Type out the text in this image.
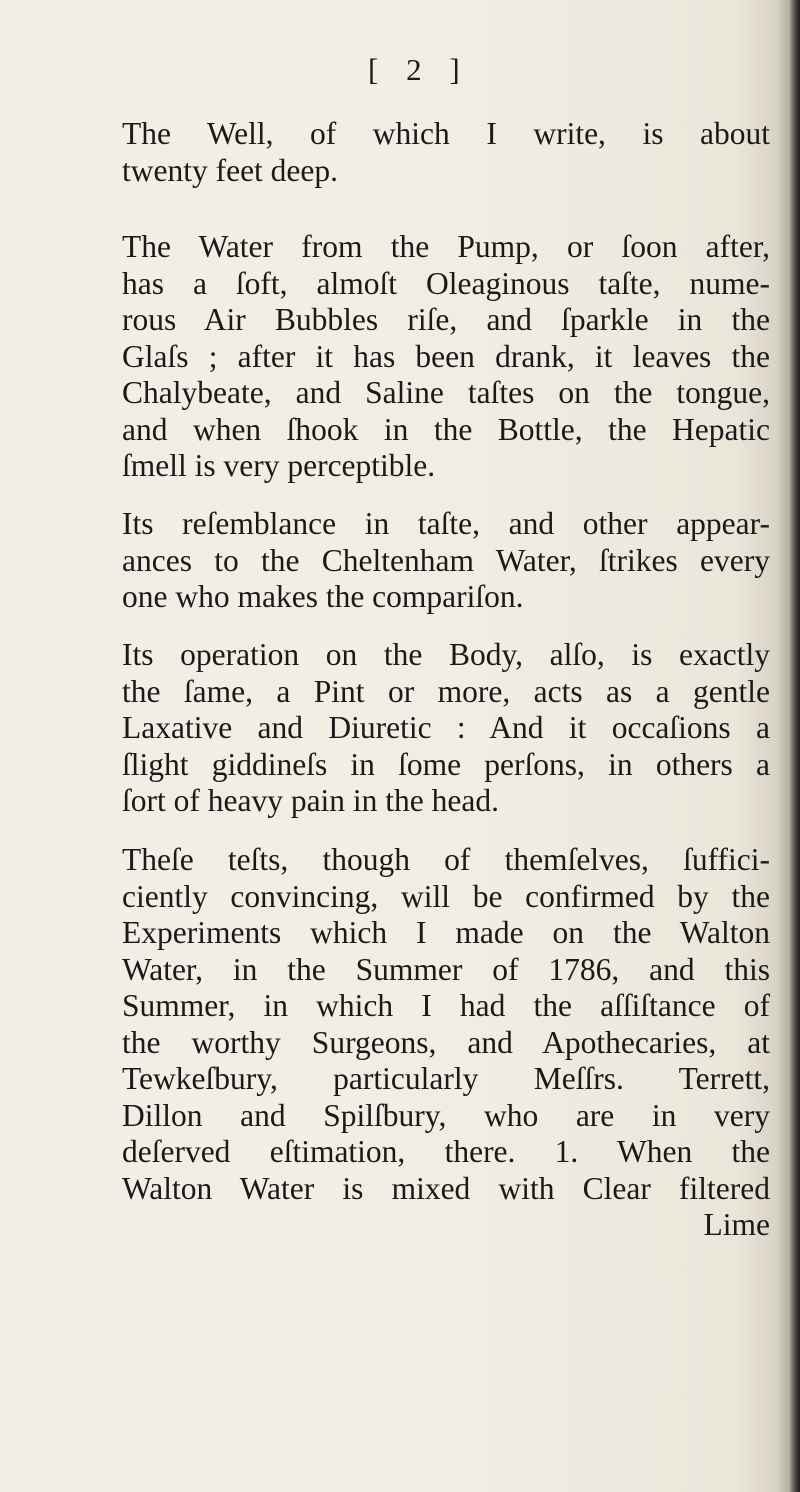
[ 2 ]
The Well, of which I write, is about
twenty feet deep.
The Water from the Pump, or ſoon after,
has a ſoft, almoſt Oleaginous taſte, nume-
rous Air Bubbles riſe, and ſparkle in the
Glaſs ; after it has been drank, it leaves the
Chalybeate, and Saline taſtes on the tongue,
and when ſhook in the Bottle, the Hepatic
ſmell is very perceptible.
Its reſemblance in taſte, and other appear-
ances to the Cheltenham Water, ſtrikes every
one who makes the compariſon.
Its operation on the Body, alſo, is exactly
the ſame, a Pint or more, acts as a gentle
Laxative and Diuretic : And it occaſions a
ſlight giddineſs in ſome perſons, in others a
ſort of heavy pain in the head.
Theſe teſts, though of themſelves, ſuffici-
ciently convincing, will be confirmed by the
Experiments which I made on the Walton
Water, in the Summer of 1786, and this
Summer, in which I had the aſſiſtance of
the worthy Surgeons, and Apothecaries, at
Tewkeſbury, particularly Meſſrs. Terrett,
Dillon and Spilſbury, who are in very
deſerved eſtimation, there. 1. When the
Walton Water is mixed with Clear filtered
Lime
